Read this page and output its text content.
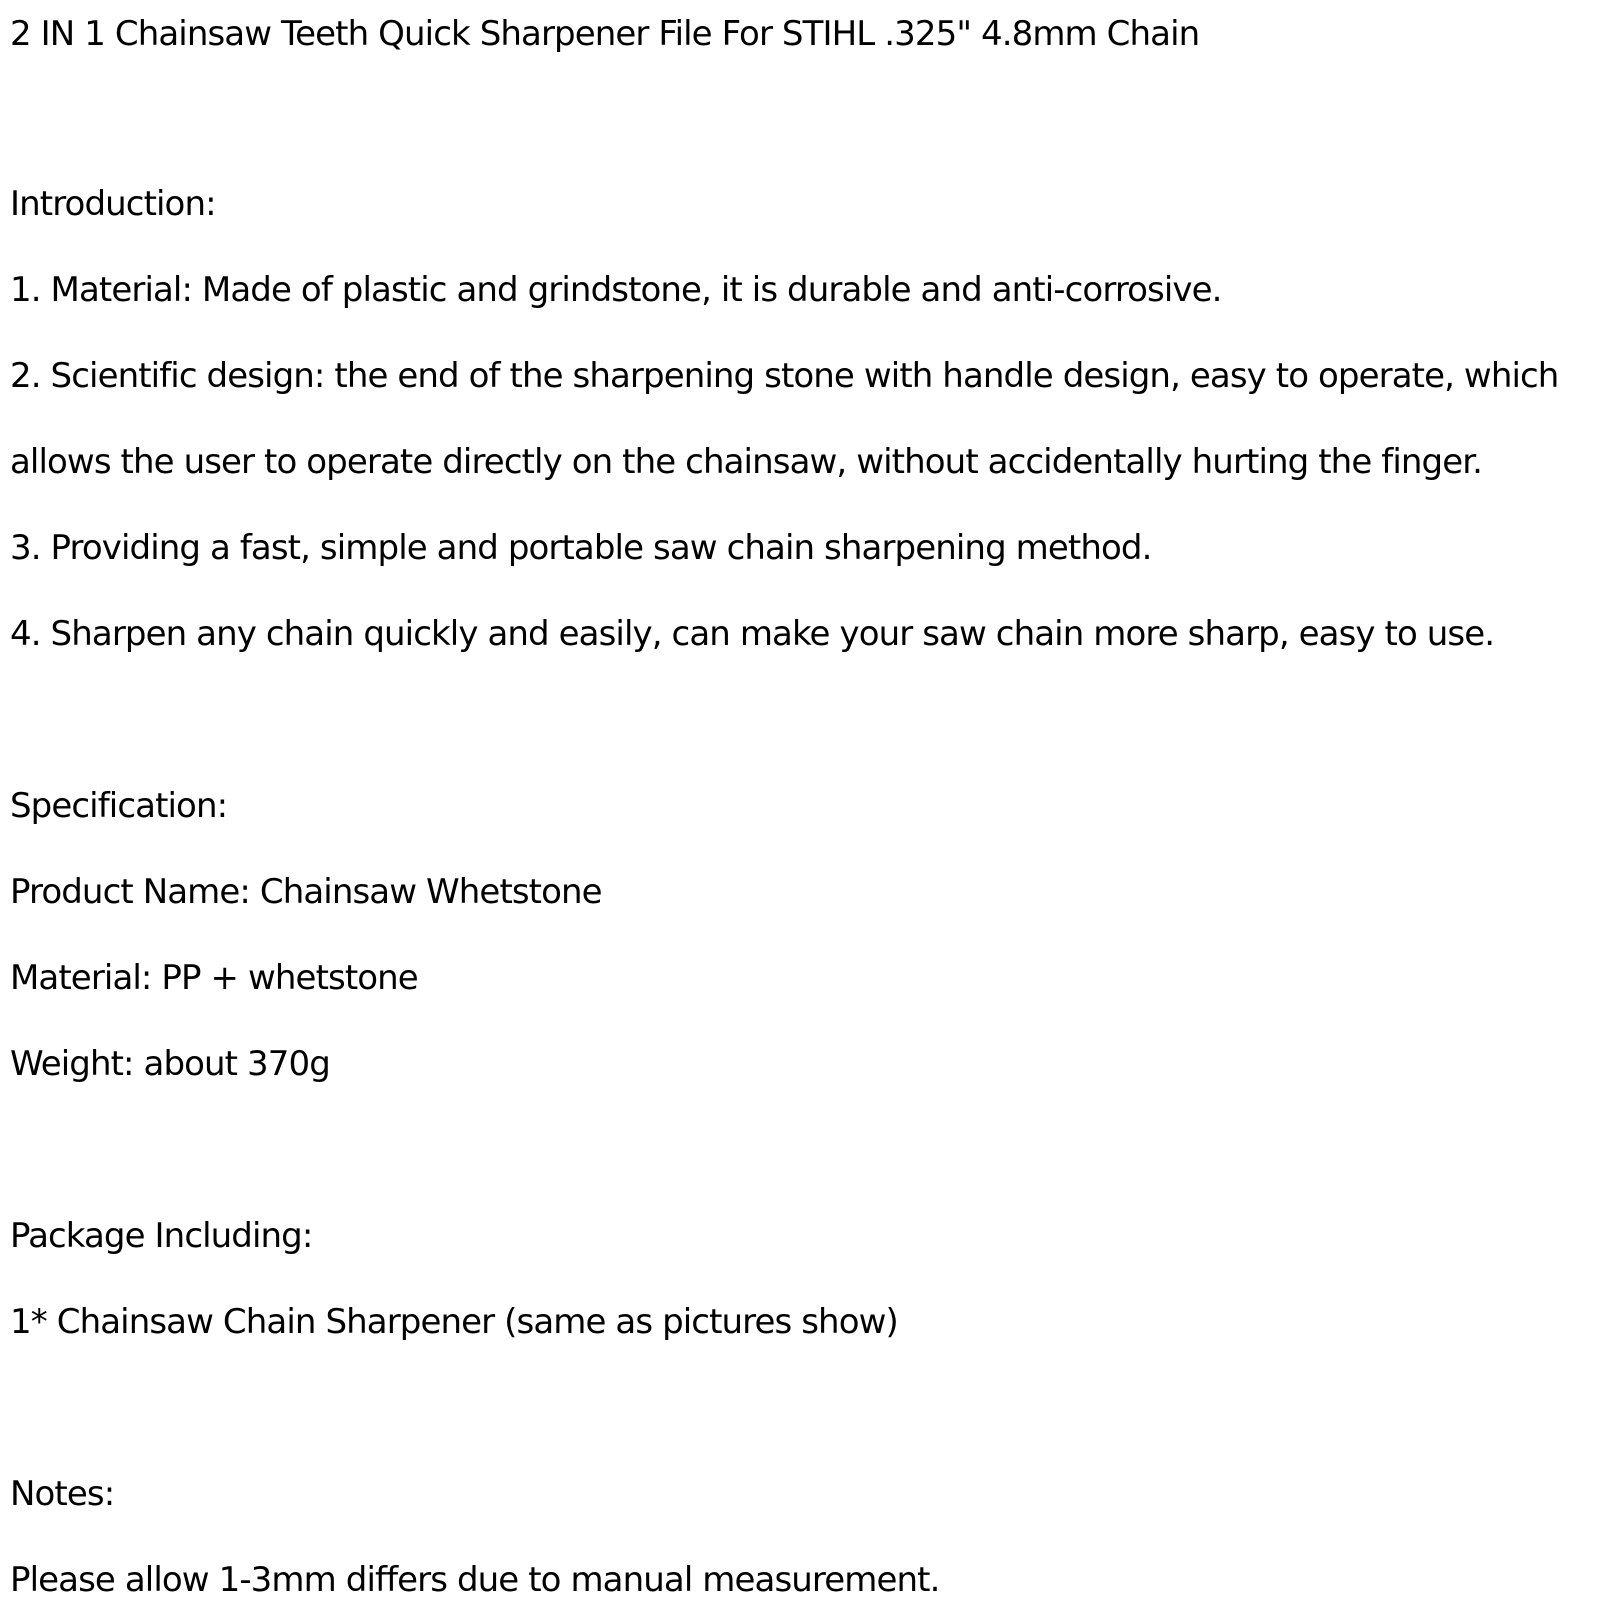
2 IN 1 Chainsaw Teeth Quick Sharpener File For STIHL .325" 4.8mm Chain
Introduction:
1. Material: Made of plastic and grindstone, it is durable and anti-corrosive.
2. Scientific design: the end of the sharpening stone with handle design, easy to operate, which
allows the user to operate directly on the chainsaw, without accidentally hurting the finger.
3. Providing a fast, simple and portable saw chain sharpening method.
4. Sharpen any chain quickly and easily, can make your saw chain more sharp, easy to use.
Specification:
Product Name: Chainsaw Whetstone
Material: PP + whetstone
Weight: about 370g
Package Including:
1* Chainsaw Chain Sharpener (same as pictures show)
Notes:
Please allow 1-3mm differs due to manual measurement.
